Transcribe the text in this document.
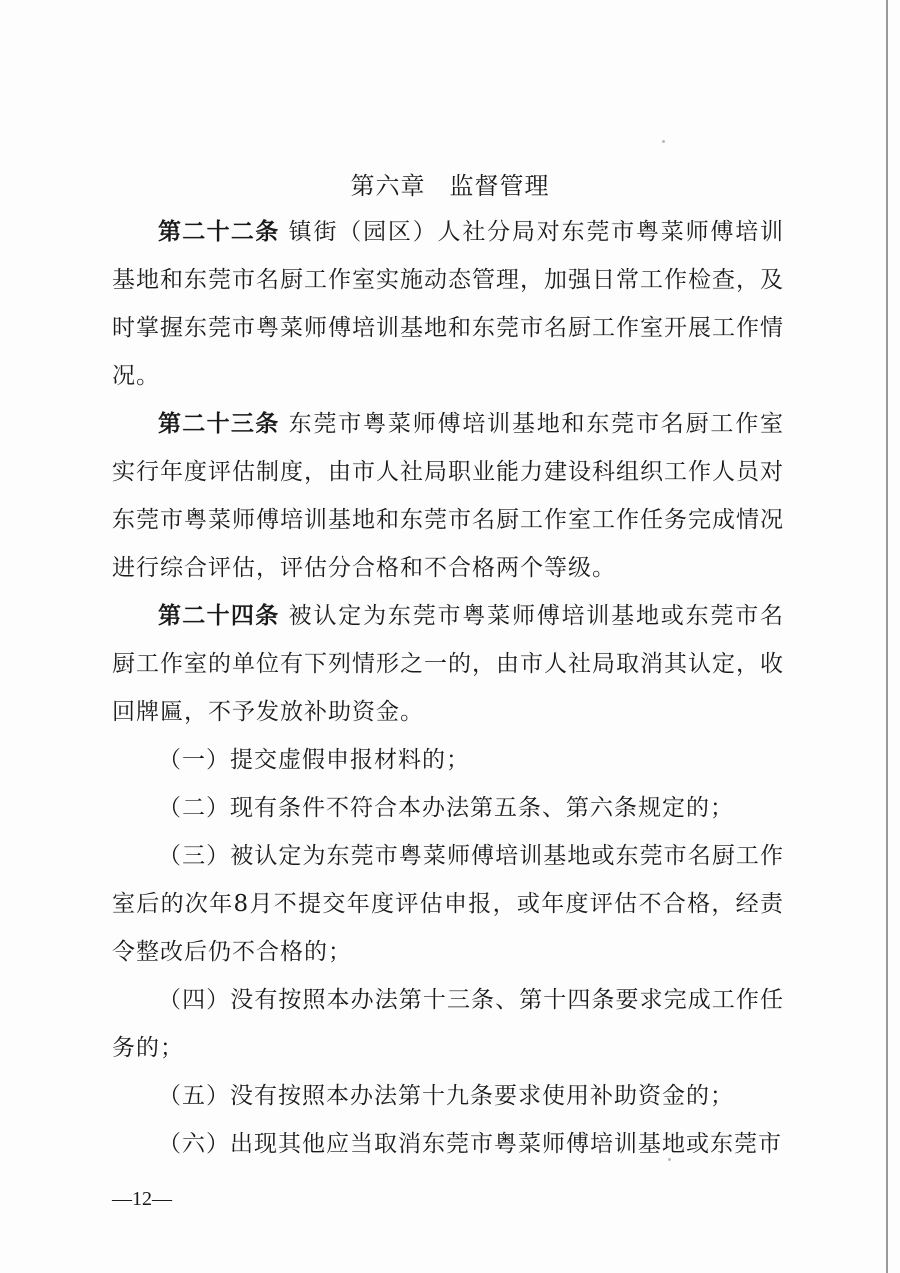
第六章 监督管理

第二十二条 镇街（园区）人社分局对东莞市粤菜师傅培训基地和东莞市名厨工作室实施动态管理，加强日常工作检查，及时掌握东莞市粤菜师傅培训基地和东莞市名厨工作室开展工作情况。

第二十三条 东莞市粤菜师傅培训基地和东莞市名厨工作室实行年度评估制度，由市人社局职业能力建设科组织工作人员对东莞市粤菜师傅培训基地和东莞市名厨工作室工作任务完成情况进行综合评估，评估分合格和不合格两个等级。

第二十四条 被认定为东莞市粤菜师傅培训基地或东莞市名厨工作室的单位有下列情形之一的，由市人社局取消其认定，收回牌匾，不予发放补助资金。

（一）提交虚假申报材料的；

（二）现有条件不符合本办法第五条、第六条规定的；

（三）被认定为东莞市粤菜师傅培训基地或东莞市名厨工作室后的次年8月不提交年度评估申报，或年度评估不合格，经责令整改后仍不合格的；

（四）没有按照本办法第十三条、第十四条要求完成工作任务的；

（五）没有按照本办法第十九条要求使用补助资金的；

（六）出现其他应当取消东莞市粤菜师傅培训基地或东莞市

—12—
